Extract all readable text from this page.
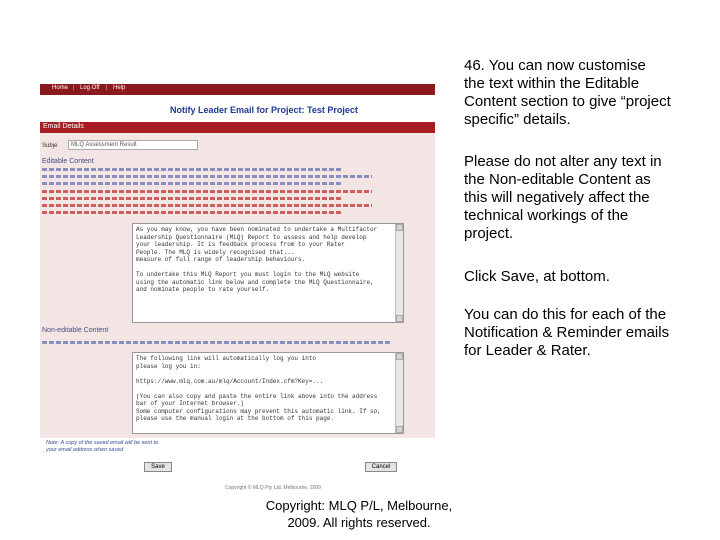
Home | Log Off | Help
Notify Leader Email for Project: Test Project
Email Details
Subje	MLQ Assessment Result
Editable Content
As you may know, you have been nominated to undertake a Multifactor
Leadership Questionnaire (MLQ) Report to assess and help develop
your leadership. It is feedback process from to your Rater
People. The MLQ is widely recognised that...
measure of full range of leadership behaviours.

To undertake this MLQ Report you must login to the MLQ website
using the automatic link below and complete the MLQ Questionnaire,
and nominate people to rate yourself.
Non-editable Content
The following link will automatically log you into
please log you in:

https://www.mlq.com.au/mlq/Account/Index.cfm?Key=...

(You can also copy and paste the entire link above into the address
bar of your Internet browser.)
Some computer configurations may prevent this automatic link. If so,
please use the manual login at the bottom of this page.
Note: A copy of the saved email will be sent to your email address when saved
Save	Cancel
Copyright © MLQ Pty Ltd, Melbourne, 2009
46. You can now customise
the text within the Editable
Content section to give “project
specific” details.
Please do not alter any text in
the Non-editable Content as
this will negatively affect the
technical workings of the
project.
Click Save, at bottom.
You can do this for each of the
Notification & Reminder emails
for Leader & Rater.
Copyright: MLQ P/L, Melbourne,
2009. All rights reserved.
